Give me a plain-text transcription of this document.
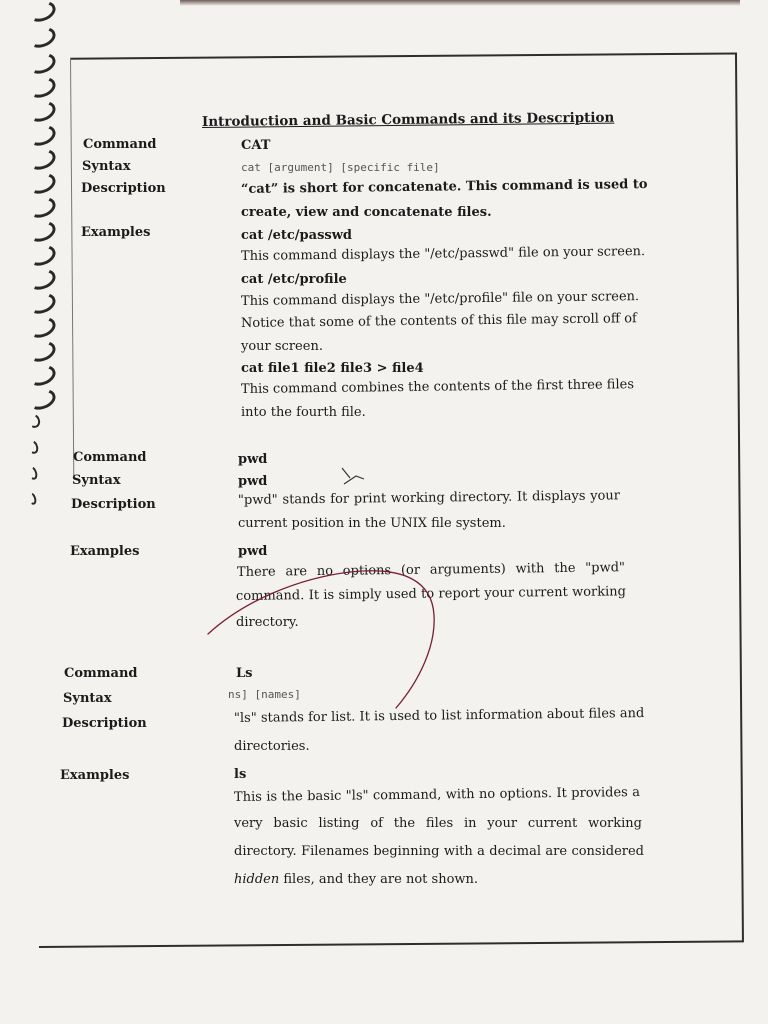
Introduction and Basic Commands and its Description
Command
Syntax
Description
Examples
CAT
cat [argument] [specific file]
“cat” is short for concatenate. This command is used to
create, view and concatenate files.
cat /etc/passwd
This command displays the "/etc/passwd" file on your screen.
cat /etc/profile
This command displays the "/etc/profile" file on your screen.
Notice that some of the contents of this file may scroll off of
your screen.
cat file1 file2 file3 > file4
This command combines the contents of the first three files
into the fourth file.
Command
Syntax
Description
Examples
pwd
pwd
"pwd" stands for print working directory. It displays your
current position in the UNIX file system.
pwd
There are no options (or arguments) with the "pwd"
command. It is simply used to report your current working
directory.
Command
Syntax
Description
Examples
Ls
ns] [names]
"ls" stands for list. It is used to list information about files and
directories.
ls
This is the basic "ls" command, with no options. It provides a
very basic listing of the files in your current working
directory. Filenames beginning with a decimal are considered
hidden files, and they are not shown.
